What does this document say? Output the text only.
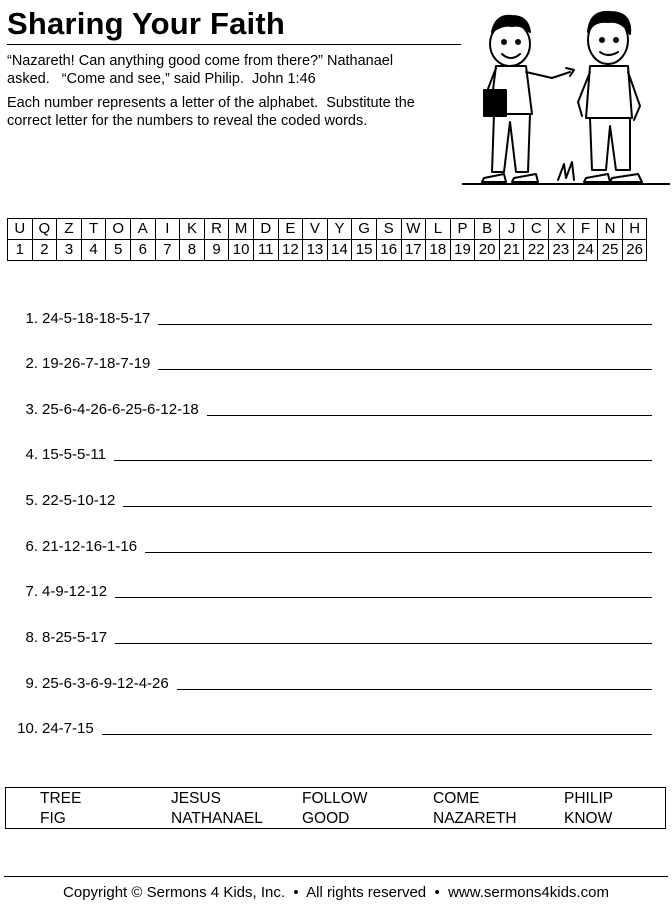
Sharing Your Faith
“Nazareth! Can anything good come from there?” Nathanael
asked.   “Come and see,” said Philip.  John 1:46
Each number represents a letter of the alphabet.  Substitute the
correct letter for the numbers to reveal the coded words.
U	Q	Z	T	O	A	I	K	R	M	D	E	V	Y	G	S	W	L	P	B	J	C	X	F	N	H
1	2	3	4	5	6	7	8	9	10	11	12	13	14	15	16	17	18	19	20	21	22	23	24	25	26
1. 24-5-18-18-5-17
2. 19-26-7-18-7-19
3. 25-6-4-26-6-25-6-12-18
4. 15-5-5-11
5. 22-5-10-12
6. 21-12-16-1-16
7. 4-9-12-12
8. 8-25-5-17
9. 25-6-3-6-9-12-4-26
10. 24-7-15
TREE	JESUS	FOLLOW	COME	PHILIP
FIG	NATHANAEL	GOOD	NAZARETH	KNOW
Copyright © Sermons 4 Kids, Inc.  •  All rights reserved  •  www.sermons4kids.com
